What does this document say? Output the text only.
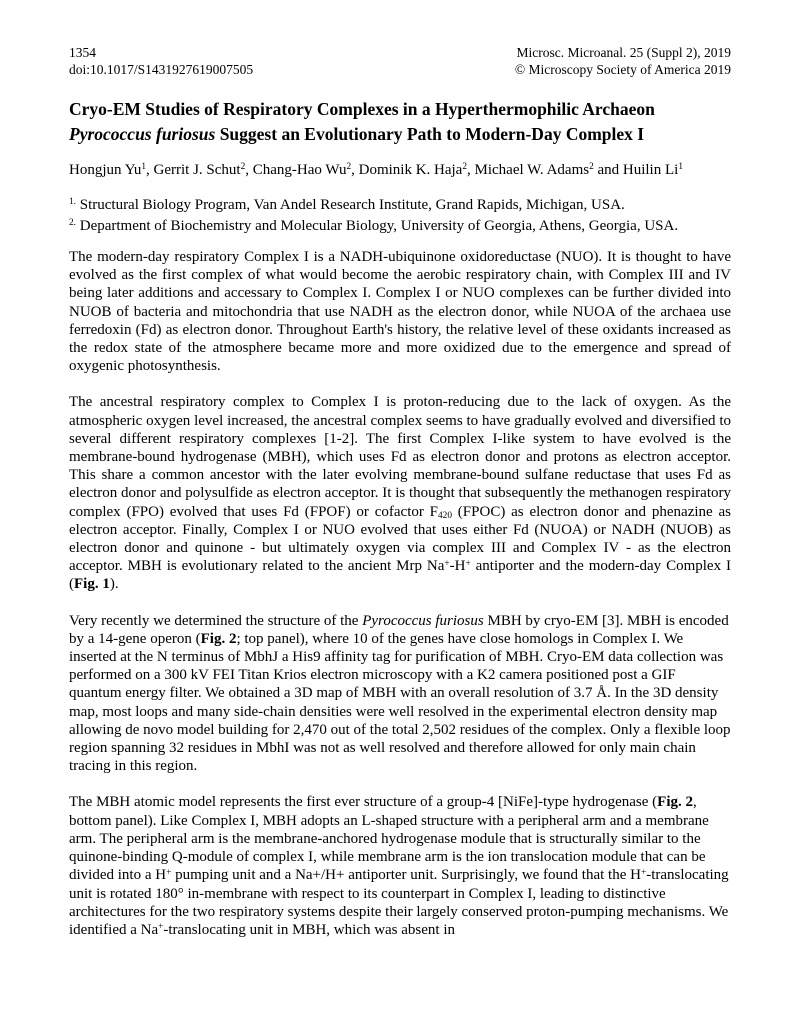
1354
doi:10.1017/S1431927619007505
Microsc. Microanal. 25 (Suppl 2), 2019
© Microscopy Society of America 2019
Cryo-EM Studies of Respiratory Complexes in a Hyperthermophilic Archaeon
Pyrococcus furiosus Suggest an Evolutionary Path to Modern-Day Complex I

Hongjun Yu$^1$, Gerrit J. Schut$^2$, Chang-Hao Wu$^2$, Dominik K. Haja$^2$, Michael W. Adams$^2$ and Huilin Li$^1$

$^{1.}$ Structural Biology Program, Van Andel Research Institute, Grand Rapids, Michigan, USA.

$^{2.}$ Department of Biochemistry and Molecular Biology, University of Georgia, Athens, Georgia, USA.

The modern-day respiratory Complex I is a NADH-ubiquinone oxidoreductase (NUO). It is thought to have evolved as the first complex of what would become the aerobic respiratory chain, with Complex III and IV being later additions and accessary to Complex I. Complex I or NUO complexes can be further divided into NUOB of bacteria and mitochondria that use NADH as the electron donor, while NUOA of the archaea use ferredoxin (Fd) as electron donor. Throughout Earth's history, the relative level of these oxidants increased as the redox state of the atmosphere became more and more oxidized due to the emergence and spread of oxygenic photosynthesis.

The ancestral respiratory complex to Complex I is proton-reducing due to the lack of oxygen. As the atmospheric oxygen level increased, the ancestral complex seems to have gradually evolved and diversified to several different respiratory complexes [1-2]. The first Complex I-like system to have evolved is the membrane-bound hydrogenase (MBH), which uses Fd as electron donor and protons as electron acceptor. This share a common ancestor with the later evolving membrane-bound sulfane reductase that uses Fd as electron donor and polysulfide as electron acceptor. It is thought that subsequently the methanogen respiratory complex (FPO) evolved that uses Fd (FPOF) or cofactor $F_{420}$ (FPOC) as electron donor and phenazine as electron acceptor. Finally, Complex I or NUO evolved that uses either Fd (NUOA) or NADH (NUOB) as electron donor and quinone - but ultimately oxygen via complex III and Complex IV - as the electron acceptor. MBH is evolutionary related to the ancient Mrp Na+-H+ antiporter and the modern-day Complex I (Fig. 1).

Very recently we determined the structure of the Pyrococcus furiosus MBH by cryo-EM [3]. MBH is encoded by a 14-gene operon (Fig. 2; top panel), where 10 of the genes have close homologs in Complex I. We inserted at the N terminus of MbhJ a His9 affinity tag for purification of MBH. Cryo-EM data collection was performed on a 300 kV FEI Titan Krios electron microscopy with a K2 camera positioned post a GIF quantum energy filter. We obtained a 3D map of MBH with an overall resolution of 3.7 Å. In the 3D density map, most loops and many side-chain densities were well resolved in the experimental electron density map allowing de novo model building for 2,470 out of the total 2,502 residues of the complex. Only a flexible loop region spanning 32 residues in MbhI was not as well resolved and therefore allowed for only main chain tracing in this region.

The MBH atomic model represents the first ever structure of a group-4 [NiFe]-type hydrogenase (Fig. 2, bottom panel). Like Complex I, MBH adopts an L-shaped structure with a peripheral arm and a membrane arm. The peripheral arm is the membrane-anchored hydrogenase module that is structurally similar to the quinone-binding Q-module of complex I, while membrane arm is the ion translocation module that can be divided into a H+ pumping unit and a Na+/H+ antiporter unit. Surprisingly, we found that the H+-translocating unit is rotated 180° in-membrane with respect to its counterpart in Complex I, leading to distinctive architectures for the two respiratory systems despite their largely conserved proton-pumping mechanisms. We identified a Na+-translocating unit in MBH, which was absent in
